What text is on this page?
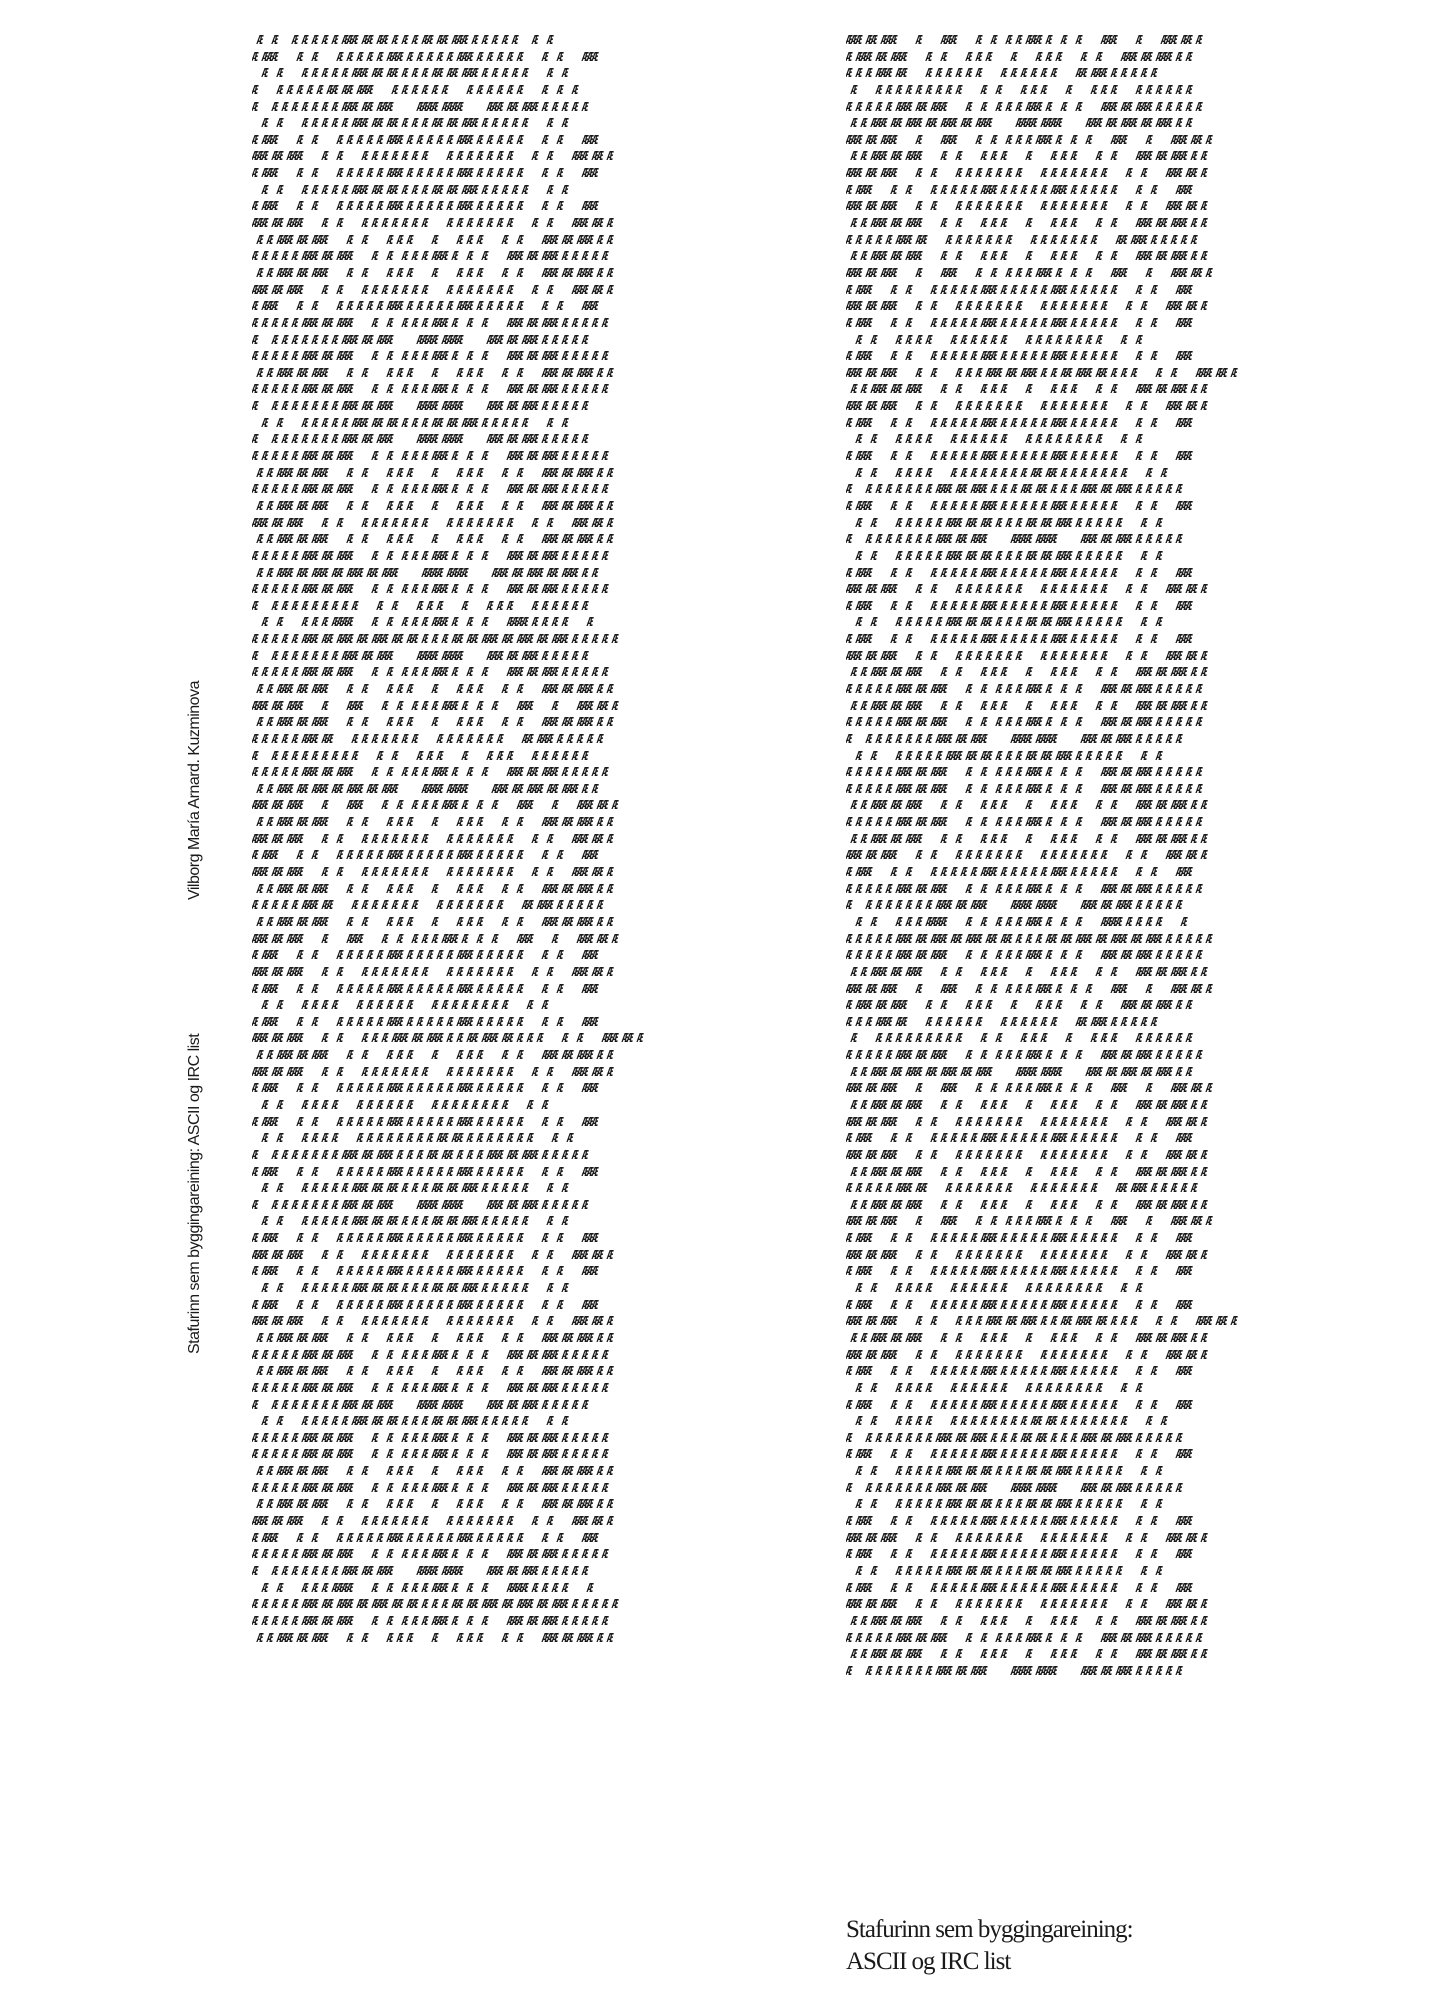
Vilborg María Arnard. Kuzminova
Stafurinn sem byggingareining: ASCII og IRC list
Æ  Æ   Æ Æ Æ Æ Æ ÆÆÆ ÆÆ ÆÆ Æ Æ Æ ÆÆ ÆÆ ÆÆÆ Æ Æ Æ Æ Æ   Æ  Æ
Æ ÆÆÆ    Æ  Æ    Æ Æ Æ Æ Æ ÆÆÆ Æ Æ Æ Æ Æ ÆÆÆ Æ Æ Æ Æ Æ    Æ  Æ    ÆÆÆ
Æ  Æ    Æ Æ Æ Æ Æ ÆÆÆ ÆÆ ÆÆ Æ Æ Æ ÆÆ ÆÆ ÆÆÆ Æ Æ Æ Æ Æ    Æ  Æ
Æ    Æ Æ Æ Æ Æ ÆÆ ÆÆ ÆÆÆ    Æ Æ Æ Æ Æ Æ    Æ Æ Æ Æ Æ Æ    Æ  Æ  Æ
Æ   Æ Æ Æ Æ Æ Æ Æ ÆÆÆ ÆÆ ÆÆÆ     ÆÆÆÆ ÆÆÆÆ     ÆÆÆ ÆÆ ÆÆÆ Æ Æ Æ Æ Æ
Æ  Æ    Æ Æ Æ Æ Æ ÆÆÆ ÆÆ ÆÆ Æ Æ Æ ÆÆ ÆÆ ÆÆÆ Æ Æ Æ Æ Æ    Æ  Æ
Æ ÆÆÆ    Æ  Æ    Æ Æ Æ Æ Æ ÆÆÆ Æ Æ Æ Æ Æ ÆÆÆ Æ Æ Æ Æ Æ    Æ  Æ    ÆÆÆ
ÆÆÆ ÆÆ ÆÆÆ    Æ  Æ    Æ Æ Æ Æ Æ Æ Æ    Æ Æ Æ Æ Æ Æ Æ    Æ  Æ    ÆÆÆ ÆÆ Æ
Æ ÆÆÆ    Æ  Æ    Æ Æ Æ Æ Æ ÆÆÆ Æ Æ Æ Æ Æ ÆÆÆ Æ Æ Æ Æ Æ    Æ  Æ    ÆÆÆ
Æ  Æ    Æ Æ Æ Æ Æ ÆÆÆ ÆÆ ÆÆ Æ Æ Æ ÆÆ ÆÆ ÆÆÆ Æ Æ Æ Æ Æ    Æ  Æ
Æ ÆÆÆ    Æ  Æ    Æ Æ Æ Æ Æ ÆÆÆ Æ Æ Æ Æ Æ ÆÆÆ Æ Æ Æ Æ Æ    Æ  Æ    ÆÆÆ
ÆÆÆ ÆÆ ÆÆÆ    Æ  Æ    Æ Æ Æ Æ Æ Æ Æ    Æ Æ Æ Æ Æ Æ Æ    Æ  Æ    ÆÆÆ ÆÆ Æ
Æ Æ ÆÆÆ ÆÆ ÆÆÆ    Æ  Æ    Æ Æ Æ    Æ    Æ Æ Æ    Æ  Æ    ÆÆÆ ÆÆ ÆÆÆ Æ Æ
Æ Æ Æ Æ Æ ÆÆÆ ÆÆ ÆÆÆ    Æ  Æ  Æ Æ Æ ÆÆÆ Æ  Æ  Æ    ÆÆÆ ÆÆ ÆÆÆ Æ Æ Æ Æ Æ
Æ Æ ÆÆÆ ÆÆ ÆÆÆ    Æ  Æ    Æ Æ Æ    Æ    Æ Æ Æ    Æ  Æ    ÆÆÆ ÆÆ ÆÆÆ Æ Æ
ÆÆÆ ÆÆ ÆÆÆ    Æ  Æ    Æ Æ Æ Æ Æ Æ Æ    Æ Æ Æ Æ Æ Æ Æ    Æ  Æ    ÆÆÆ ÆÆ Æ
Æ ÆÆÆ    Æ  Æ    Æ Æ Æ Æ Æ ÆÆÆ Æ Æ Æ Æ Æ ÆÆÆ Æ Æ Æ Æ Æ    Æ  Æ    ÆÆÆ
Æ Æ Æ Æ Æ ÆÆÆ ÆÆ ÆÆÆ    Æ  Æ  Æ Æ Æ ÆÆÆ Æ  Æ  Æ    ÆÆÆ ÆÆ ÆÆÆ Æ Æ Æ Æ Æ
Æ   Æ Æ Æ Æ Æ Æ Æ ÆÆÆ ÆÆ ÆÆÆ     ÆÆÆÆ ÆÆÆÆ     ÆÆÆ ÆÆ ÆÆÆ Æ Æ Æ Æ Æ
Æ Æ Æ Æ Æ ÆÆÆ ÆÆ ÆÆÆ    Æ  Æ  Æ Æ Æ ÆÆÆ Æ  Æ  Æ    ÆÆÆ ÆÆ ÆÆÆ Æ Æ Æ Æ Æ
Æ Æ ÆÆÆ ÆÆ ÆÆÆ    Æ  Æ    Æ Æ Æ    Æ    Æ Æ Æ    Æ  Æ    ÆÆÆ ÆÆ ÆÆÆ Æ Æ
Æ Æ Æ Æ Æ ÆÆÆ ÆÆ ÆÆÆ    Æ  Æ  Æ Æ Æ ÆÆÆ Æ  Æ  Æ    ÆÆÆ ÆÆ ÆÆÆ Æ Æ Æ Æ Æ
Æ   Æ Æ Æ Æ Æ Æ Æ ÆÆÆ ÆÆ ÆÆÆ     ÆÆÆÆ ÆÆÆÆ     ÆÆÆ ÆÆ ÆÆÆ Æ Æ Æ Æ Æ
Æ  Æ    Æ Æ Æ Æ Æ ÆÆÆ ÆÆ ÆÆ Æ Æ Æ ÆÆ ÆÆ ÆÆÆ Æ Æ Æ Æ Æ    Æ  Æ
Æ   Æ Æ Æ Æ Æ Æ Æ ÆÆÆ ÆÆ ÆÆÆ     ÆÆÆÆ ÆÆÆÆ     ÆÆÆ ÆÆ ÆÆÆ Æ Æ Æ Æ Æ
Æ Æ Æ Æ Æ ÆÆÆ ÆÆ ÆÆÆ    Æ  Æ  Æ Æ Æ ÆÆÆ Æ  Æ  Æ    ÆÆÆ ÆÆ ÆÆÆ Æ Æ Æ Æ Æ
Æ Æ ÆÆÆ ÆÆ ÆÆÆ    Æ  Æ    Æ Æ Æ    Æ    Æ Æ Æ    Æ  Æ    ÆÆÆ ÆÆ ÆÆÆ Æ Æ
Æ Æ Æ Æ Æ ÆÆÆ ÆÆ ÆÆÆ    Æ  Æ  Æ Æ Æ ÆÆÆ Æ  Æ  Æ    ÆÆÆ ÆÆ ÆÆÆ Æ Æ Æ Æ Æ
Æ Æ ÆÆÆ ÆÆ ÆÆÆ    Æ  Æ    Æ Æ Æ    Æ    Æ Æ Æ    Æ  Æ    ÆÆÆ ÆÆ ÆÆÆ Æ Æ
ÆÆÆ ÆÆ ÆÆÆ    Æ  Æ    Æ Æ Æ Æ Æ Æ Æ    Æ Æ Æ Æ Æ Æ Æ    Æ  Æ    ÆÆÆ ÆÆ Æ
Æ Æ ÆÆÆ ÆÆ ÆÆÆ    Æ  Æ    Æ Æ Æ    Æ    Æ Æ Æ    Æ  Æ    ÆÆÆ ÆÆ ÆÆÆ Æ Æ
Æ Æ Æ Æ Æ ÆÆÆ ÆÆ ÆÆÆ    Æ  Æ  Æ Æ Æ ÆÆÆ Æ  Æ  Æ    ÆÆÆ ÆÆ ÆÆÆ Æ Æ Æ Æ Æ
Æ Æ ÆÆÆ ÆÆ ÆÆÆ ÆÆ ÆÆÆ ÆÆ ÆÆÆ     ÆÆÆÆ ÆÆÆÆ     ÆÆÆ ÆÆ ÆÆÆ ÆÆ ÆÆÆ Æ Æ
Æ Æ Æ Æ Æ ÆÆÆ ÆÆ ÆÆÆ    Æ  Æ  Æ Æ Æ ÆÆÆ Æ  Æ  Æ    ÆÆÆ ÆÆ ÆÆÆ Æ Æ Æ Æ Æ
Æ   Æ Æ Æ Æ Æ Æ Æ Æ Æ    Æ  Æ    Æ Æ Æ    Æ    Æ Æ Æ    Æ Æ Æ Æ Æ Æ
Æ  Æ    Æ Æ Æ ÆÆÆÆ    Æ  Æ  Æ Æ Æ ÆÆÆ Æ  Æ  Æ    ÆÆÆÆ Æ Æ Æ Æ    Æ
Æ Æ Æ Æ Æ ÆÆÆ ÆÆ ÆÆÆ ÆÆ ÆÆÆ ÆÆ ÆÆ Æ Æ Æ ÆÆ ÆÆ ÆÆÆ ÆÆ ÆÆÆ ÆÆ ÆÆÆ Æ Æ Æ Æ Æ
Æ   Æ Æ Æ Æ Æ Æ Æ ÆÆÆ ÆÆ ÆÆÆ     ÆÆÆÆ ÆÆÆÆ     ÆÆÆ ÆÆ ÆÆÆ Æ Æ Æ Æ Æ
Æ Æ Æ Æ Æ ÆÆÆ ÆÆ ÆÆÆ    Æ  Æ  Æ Æ Æ ÆÆÆ Æ  Æ  Æ    ÆÆÆ ÆÆ ÆÆÆ Æ Æ Æ Æ Æ
Æ Æ ÆÆÆ ÆÆ ÆÆÆ    Æ  Æ    Æ Æ Æ    Æ    Æ Æ Æ    Æ  Æ    ÆÆÆ ÆÆ ÆÆÆ Æ Æ
ÆÆÆ ÆÆ ÆÆÆ    Æ    ÆÆÆ    Æ  Æ  Æ Æ Æ ÆÆÆ Æ  Æ  Æ    ÆÆÆ    Æ    ÆÆÆ ÆÆ Æ
Æ Æ ÆÆÆ ÆÆ ÆÆÆ    Æ  Æ    Æ Æ Æ    Æ    Æ Æ Æ    Æ  Æ    ÆÆÆ ÆÆ ÆÆÆ Æ Æ
Æ Æ Æ Æ Æ ÆÆÆ ÆÆ    Æ Æ Æ Æ Æ Æ Æ    Æ Æ Æ Æ Æ Æ Æ    ÆÆ ÆÆÆ Æ Æ Æ Æ Æ
Æ   Æ Æ Æ Æ Æ Æ Æ Æ Æ    Æ  Æ    Æ Æ Æ    Æ    Æ Æ Æ    Æ Æ Æ Æ Æ Æ
Æ Æ Æ Æ Æ ÆÆÆ ÆÆ ÆÆÆ    Æ  Æ  Æ Æ Æ ÆÆÆ Æ  Æ  Æ    ÆÆÆ ÆÆ ÆÆÆ Æ Æ Æ Æ Æ
Æ Æ ÆÆÆ ÆÆ ÆÆÆ ÆÆ ÆÆÆ ÆÆ ÆÆÆ     ÆÆÆÆ ÆÆÆÆ     ÆÆÆ ÆÆ ÆÆÆ ÆÆ ÆÆÆ Æ Æ
ÆÆÆ ÆÆ ÆÆÆ    Æ    ÆÆÆ    Æ  Æ  Æ Æ Æ ÆÆÆ Æ  Æ  Æ    ÆÆÆ    Æ    ÆÆÆ ÆÆ Æ
Æ Æ ÆÆÆ ÆÆ ÆÆÆ    Æ  Æ    Æ Æ Æ    Æ    Æ Æ Æ    Æ  Æ    ÆÆÆ ÆÆ ÆÆÆ Æ Æ
ÆÆÆ ÆÆ ÆÆÆ    Æ  Æ    Æ Æ Æ Æ Æ Æ Æ    Æ Æ Æ Æ Æ Æ Æ    Æ  Æ    ÆÆÆ ÆÆ Æ
Æ ÆÆÆ    Æ  Æ    Æ Æ Æ Æ Æ ÆÆÆ Æ Æ Æ Æ Æ ÆÆÆ Æ Æ Æ Æ Æ    Æ  Æ    ÆÆÆ
ÆÆÆ ÆÆ ÆÆÆ    Æ  Æ    Æ Æ Æ Æ Æ Æ Æ    Æ Æ Æ Æ Æ Æ Æ    Æ  Æ    ÆÆÆ ÆÆ Æ
Æ Æ ÆÆÆ ÆÆ ÆÆÆ    Æ  Æ    Æ Æ Æ    Æ    Æ Æ Æ    Æ  Æ    ÆÆÆ ÆÆ ÆÆÆ Æ Æ
Æ Æ Æ Æ Æ ÆÆÆ ÆÆ    Æ Æ Æ Æ Æ Æ Æ    Æ Æ Æ Æ Æ Æ Æ    ÆÆ ÆÆÆ Æ Æ Æ Æ Æ
Æ Æ ÆÆÆ ÆÆ ÆÆÆ    Æ  Æ    Æ Æ Æ    Æ    Æ Æ Æ    Æ  Æ    ÆÆÆ ÆÆ ÆÆÆ Æ Æ
ÆÆÆ ÆÆ ÆÆÆ    Æ    ÆÆÆ    Æ  Æ  Æ Æ Æ ÆÆÆ Æ  Æ  Æ    ÆÆÆ    Æ    ÆÆÆ ÆÆ Æ
Æ ÆÆÆ    Æ  Æ    Æ Æ Æ Æ Æ ÆÆÆ Æ Æ Æ Æ Æ ÆÆÆ Æ Æ Æ Æ Æ    Æ  Æ    ÆÆÆ
ÆÆÆ ÆÆ ÆÆÆ    Æ  Æ    Æ Æ Æ Æ Æ Æ Æ    Æ Æ Æ Æ Æ Æ Æ    Æ  Æ    ÆÆÆ ÆÆ Æ
Æ ÆÆÆ    Æ  Æ    Æ Æ Æ Æ Æ ÆÆÆ Æ Æ Æ Æ Æ ÆÆÆ Æ Æ Æ Æ Æ    Æ  Æ    ÆÆÆ
Æ  Æ    Æ Æ Æ Æ    Æ Æ Æ Æ Æ Æ    Æ Æ Æ Æ Æ Æ Æ Æ    Æ  Æ
Æ ÆÆÆ    Æ  Æ    Æ Æ Æ Æ Æ ÆÆÆ Æ Æ Æ Æ Æ ÆÆÆ Æ Æ Æ Æ Æ    Æ  Æ    ÆÆÆ
ÆÆÆ ÆÆ ÆÆÆ    Æ  Æ    Æ Æ Æ ÆÆÆ ÆÆ ÆÆÆ Æ Æ ÆÆ ÆÆÆ ÆÆ Æ Æ Æ    Æ  Æ    ÆÆÆ ÆÆ Æ
Æ Æ ÆÆÆ ÆÆ ÆÆÆ    Æ  Æ    Æ Æ Æ    Æ    Æ Æ Æ    Æ  Æ    ÆÆÆ ÆÆ ÆÆÆ Æ Æ
ÆÆÆ ÆÆ ÆÆÆ    Æ  Æ    Æ Æ Æ Æ Æ Æ Æ    Æ Æ Æ Æ Æ Æ Æ    Æ  Æ    ÆÆÆ ÆÆ Æ
Æ ÆÆÆ    Æ  Æ    Æ Æ Æ Æ Æ ÆÆÆ Æ Æ Æ Æ Æ ÆÆÆ Æ Æ Æ Æ Æ    Æ  Æ    ÆÆÆ
Æ  Æ    Æ Æ Æ Æ    Æ Æ Æ Æ Æ Æ    Æ Æ Æ Æ Æ Æ Æ Æ    Æ  Æ
Æ ÆÆÆ    Æ  Æ    Æ Æ Æ Æ Æ ÆÆÆ Æ Æ Æ Æ Æ ÆÆÆ Æ Æ Æ Æ Æ    Æ  Æ    ÆÆÆ
Æ  Æ    Æ Æ Æ Æ    Æ Æ Æ Æ Æ Æ Æ Æ ÆÆ ÆÆ Æ Æ Æ Æ Æ Æ Æ    Æ  Æ
Æ   Æ Æ Æ Æ Æ Æ Æ ÆÆÆ ÆÆ ÆÆÆ Æ Æ Æ ÆÆ ÆÆ Æ Æ Æ ÆÆÆ ÆÆ ÆÆÆ Æ Æ Æ Æ Æ
Æ ÆÆÆ    Æ  Æ    Æ Æ Æ Æ Æ ÆÆÆ Æ Æ Æ Æ Æ ÆÆÆ Æ Æ Æ Æ Æ    Æ  Æ    ÆÆÆ
Æ  Æ    Æ Æ Æ Æ Æ ÆÆÆ ÆÆ ÆÆ Æ Æ Æ ÆÆ ÆÆ ÆÆÆ Æ Æ Æ Æ Æ    Æ  Æ
Æ   Æ Æ Æ Æ Æ Æ Æ ÆÆÆ ÆÆ ÆÆÆ     ÆÆÆÆ ÆÆÆÆ     ÆÆÆ ÆÆ ÆÆÆ Æ Æ Æ Æ Æ
Æ  Æ    Æ Æ Æ Æ Æ ÆÆÆ ÆÆ ÆÆ Æ Æ Æ ÆÆ ÆÆ ÆÆÆ Æ Æ Æ Æ Æ    Æ  Æ
Æ ÆÆÆ    Æ  Æ    Æ Æ Æ Æ Æ ÆÆÆ Æ Æ Æ Æ Æ ÆÆÆ Æ Æ Æ Æ Æ    Æ  Æ    ÆÆÆ
ÆÆÆ ÆÆ ÆÆÆ    Æ  Æ    Æ Æ Æ Æ Æ Æ Æ    Æ Æ Æ Æ Æ Æ Æ    Æ  Æ    ÆÆÆ ÆÆ Æ
Æ ÆÆÆ    Æ  Æ    Æ Æ Æ Æ Æ ÆÆÆ Æ Æ Æ Æ Æ ÆÆÆ Æ Æ Æ Æ Æ    Æ  Æ    ÆÆÆ
Æ  Æ    Æ Æ Æ Æ Æ ÆÆÆ ÆÆ ÆÆ Æ Æ Æ ÆÆ ÆÆ ÆÆÆ Æ Æ Æ Æ Æ    Æ  Æ
Æ ÆÆÆ    Æ  Æ    Æ Æ Æ Æ Æ ÆÆÆ Æ Æ Æ Æ Æ ÆÆÆ Æ Æ Æ Æ Æ    Æ  Æ    ÆÆÆ
ÆÆÆ ÆÆ ÆÆÆ    Æ  Æ    Æ Æ Æ Æ Æ Æ Æ    Æ Æ Æ Æ Æ Æ Æ    Æ  Æ    ÆÆÆ ÆÆ Æ
Æ Æ ÆÆÆ ÆÆ ÆÆÆ    Æ  Æ    Æ Æ Æ    Æ    Æ Æ Æ    Æ  Æ    ÆÆÆ ÆÆ ÆÆÆ Æ Æ
Æ Æ Æ Æ Æ ÆÆÆ ÆÆ ÆÆÆ    Æ  Æ  Æ Æ Æ ÆÆÆ Æ  Æ  Æ    ÆÆÆ ÆÆ ÆÆÆ Æ Æ Æ Æ Æ
Æ Æ ÆÆÆ ÆÆ ÆÆÆ    Æ  Æ    Æ Æ Æ    Æ    Æ Æ Æ    Æ  Æ    ÆÆÆ ÆÆ ÆÆÆ Æ Æ
Æ Æ Æ Æ Æ ÆÆÆ ÆÆ ÆÆÆ    Æ  Æ  Æ Æ Æ ÆÆÆ Æ  Æ  Æ    ÆÆÆ ÆÆ ÆÆÆ Æ Æ Æ Æ Æ
Æ   Æ Æ Æ Æ Æ Æ Æ ÆÆÆ ÆÆ ÆÆÆ     ÆÆÆÆ ÆÆÆÆ     ÆÆÆ ÆÆ ÆÆÆ Æ Æ Æ Æ Æ
Æ  Æ    Æ Æ Æ Æ Æ ÆÆÆ ÆÆ ÆÆ Æ Æ Æ ÆÆ ÆÆ ÆÆÆ Æ Æ Æ Æ Æ    Æ  Æ
Æ Æ Æ Æ Æ ÆÆÆ ÆÆ ÆÆÆ    Æ  Æ  Æ Æ Æ ÆÆÆ Æ  Æ  Æ    ÆÆÆ ÆÆ ÆÆÆ Æ Æ Æ Æ Æ
Æ Æ Æ Æ Æ ÆÆÆ ÆÆ ÆÆÆ    Æ  Æ  Æ Æ Æ ÆÆÆ Æ  Æ  Æ    ÆÆÆ ÆÆ ÆÆÆ Æ Æ Æ Æ Æ
Æ Æ ÆÆÆ ÆÆ ÆÆÆ    Æ  Æ    Æ Æ Æ    Æ    Æ Æ Æ    Æ  Æ    ÆÆÆ ÆÆ ÆÆÆ Æ Æ
Æ Æ Æ Æ Æ ÆÆÆ ÆÆ ÆÆÆ    Æ  Æ  Æ Æ Æ ÆÆÆ Æ  Æ  Æ    ÆÆÆ ÆÆ ÆÆÆ Æ Æ Æ Æ Æ
Æ Æ ÆÆÆ ÆÆ ÆÆÆ    Æ  Æ    Æ Æ Æ    Æ    Æ Æ Æ    Æ  Æ    ÆÆÆ ÆÆ ÆÆÆ Æ Æ
ÆÆÆ ÆÆ ÆÆÆ    Æ  Æ    Æ Æ Æ Æ Æ Æ Æ    Æ Æ Æ Æ Æ Æ Æ    Æ  Æ    ÆÆÆ ÆÆ Æ
Æ ÆÆÆ    Æ  Æ    Æ Æ Æ Æ Æ ÆÆÆ Æ Æ Æ Æ Æ ÆÆÆ Æ Æ Æ Æ Æ    Æ  Æ    ÆÆÆ
Æ Æ Æ Æ Æ ÆÆÆ ÆÆ ÆÆÆ    Æ  Æ  Æ Æ Æ ÆÆÆ Æ  Æ  Æ    ÆÆÆ ÆÆ ÆÆÆ Æ Æ Æ Æ Æ
Æ   Æ Æ Æ Æ Æ Æ Æ ÆÆÆ ÆÆ ÆÆÆ     ÆÆÆÆ ÆÆÆÆ     ÆÆÆ ÆÆ ÆÆÆ Æ Æ Æ Æ Æ
Æ  Æ    Æ Æ Æ ÆÆÆÆ    Æ  Æ  Æ Æ Æ ÆÆÆ Æ  Æ  Æ    ÆÆÆÆ Æ Æ Æ Æ    Æ
Æ Æ Æ Æ Æ ÆÆÆ ÆÆ ÆÆÆ ÆÆ ÆÆÆ ÆÆ ÆÆ Æ Æ Æ ÆÆ ÆÆ ÆÆÆ ÆÆ ÆÆÆ ÆÆ ÆÆÆ Æ Æ Æ Æ Æ
Æ Æ Æ Æ Æ ÆÆÆ ÆÆ ÆÆÆ    Æ  Æ  Æ Æ Æ ÆÆÆ Æ  Æ  Æ    ÆÆÆ ÆÆ ÆÆÆ Æ Æ Æ Æ Æ
Æ Æ ÆÆÆ ÆÆ ÆÆÆ    Æ  Æ    Æ Æ Æ    Æ    Æ Æ Æ    Æ  Æ    ÆÆÆ ÆÆ ÆÆÆ Æ Æ
ÆÆÆ ÆÆ ÆÆÆ    Æ    ÆÆÆ    Æ  Æ  Æ Æ ÆÆÆ Æ  Æ  Æ    ÆÆÆ    Æ    ÆÆÆ ÆÆ Æ
Æ ÆÆÆ ÆÆ ÆÆÆ    Æ  Æ    Æ Æ Æ    Æ    Æ Æ Æ    Æ  Æ    ÆÆÆ ÆÆ ÆÆÆ Æ Æ
Æ Æ Æ ÆÆÆ ÆÆ    Æ Æ Æ Æ Æ Æ    Æ Æ Æ Æ Æ Æ    ÆÆ ÆÆÆ Æ Æ Æ Æ Æ
Æ    Æ Æ Æ Æ Æ Æ Æ Æ Æ    Æ  Æ    Æ Æ Æ    Æ    Æ Æ Æ    Æ Æ Æ Æ Æ Æ
Æ Æ Æ Æ Æ ÆÆÆ ÆÆ ÆÆÆ    Æ  Æ  Æ Æ Æ ÆÆÆ Æ  Æ  Æ    ÆÆÆ ÆÆ ÆÆÆ Æ Æ Æ Æ Æ
Æ Æ ÆÆÆ ÆÆ ÆÆÆ ÆÆ ÆÆÆ ÆÆ ÆÆÆ     ÆÆÆÆ ÆÆÆÆ     ÆÆÆ ÆÆ ÆÆÆ ÆÆ ÆÆÆ Æ Æ
ÆÆÆ ÆÆ ÆÆÆ    Æ    ÆÆÆ    Æ  Æ  Æ Æ Æ ÆÆÆ Æ  Æ  Æ    ÆÆÆ    Æ    ÆÆÆ ÆÆ Æ
Æ Æ ÆÆÆ ÆÆ ÆÆÆ    Æ  Æ    Æ Æ Æ    Æ    Æ Æ Æ    Æ  Æ    ÆÆÆ ÆÆ ÆÆÆ Æ Æ
ÆÆÆ ÆÆ ÆÆÆ    Æ  Æ    Æ Æ Æ Æ Æ Æ Æ    Æ Æ Æ Æ Æ Æ Æ    Æ  Æ    ÆÆÆ ÆÆ Æ
Æ ÆÆÆ    Æ  Æ    Æ Æ Æ Æ Æ ÆÆÆ Æ Æ Æ Æ Æ ÆÆÆ Æ Æ Æ Æ Æ    Æ  Æ    ÆÆÆ
ÆÆÆ ÆÆ ÆÆÆ    Æ  Æ    Æ Æ Æ Æ Æ Æ Æ    Æ Æ Æ Æ Æ Æ Æ    Æ  Æ    ÆÆÆ ÆÆ Æ
Æ Æ ÆÆÆ ÆÆ ÆÆÆ    Æ  Æ    Æ Æ Æ    Æ    Æ Æ Æ    Æ  Æ    ÆÆÆ ÆÆ ÆÆÆ Æ Æ
Æ Æ Æ Æ Æ ÆÆÆ ÆÆ    Æ Æ Æ Æ Æ Æ Æ    Æ Æ Æ Æ Æ Æ Æ    ÆÆ ÆÆÆ Æ Æ Æ Æ Æ
Æ Æ ÆÆÆ ÆÆ ÆÆÆ    Æ  Æ    Æ Æ Æ    Æ    Æ Æ Æ    Æ  Æ    ÆÆÆ ÆÆ ÆÆÆ Æ Æ
ÆÆÆ ÆÆ ÆÆÆ    Æ    ÆÆÆ    Æ  Æ  Æ Æ Æ ÆÆÆ Æ  Æ  Æ    ÆÆÆ    Æ    ÆÆÆ ÆÆ Æ
Æ ÆÆÆ    Æ  Æ    Æ Æ Æ Æ Æ ÆÆÆ Æ Æ Æ Æ Æ ÆÆÆ Æ Æ Æ Æ Æ    Æ  Æ    ÆÆÆ
ÆÆÆ ÆÆ ÆÆÆ    Æ  Æ    Æ Æ Æ Æ Æ Æ Æ    Æ Æ Æ Æ Æ Æ Æ    Æ  Æ    ÆÆÆ ÆÆ Æ
Æ ÆÆÆ    Æ  Æ    Æ Æ Æ Æ Æ ÆÆÆ Æ Æ Æ Æ Æ ÆÆÆ Æ Æ Æ Æ Æ    Æ  Æ    ÆÆÆ
Æ  Æ    Æ Æ Æ Æ    Æ Æ Æ Æ Æ Æ    Æ Æ Æ Æ Æ Æ Æ Æ    Æ  Æ
Æ ÆÆÆ    Æ  Æ    Æ Æ Æ Æ Æ ÆÆÆ Æ Æ Æ Æ Æ ÆÆÆ Æ Æ Æ Æ Æ    Æ  Æ    ÆÆÆ
ÆÆÆ ÆÆ ÆÆÆ    Æ  Æ    Æ Æ Æ ÆÆÆ ÆÆ ÆÆÆ Æ Æ ÆÆ ÆÆÆ ÆÆ Æ Æ Æ    Æ  Æ    ÆÆÆ ÆÆ Æ
Æ Æ ÆÆÆ ÆÆ ÆÆÆ    Æ  Æ    Æ Æ Æ    Æ    Æ Æ Æ    Æ  Æ    ÆÆÆ ÆÆ ÆÆÆ Æ Æ
ÆÆÆ ÆÆ ÆÆÆ    Æ  Æ    Æ Æ Æ Æ Æ Æ Æ    Æ Æ Æ Æ Æ Æ Æ    Æ  Æ    ÆÆÆ ÆÆ Æ
Æ ÆÆÆ    Æ  Æ    Æ Æ Æ Æ Æ ÆÆÆ Æ Æ Æ Æ Æ ÆÆÆ Æ Æ Æ Æ Æ    Æ  Æ    ÆÆÆ
Æ  Æ    Æ Æ Æ Æ    Æ Æ Æ Æ Æ Æ    Æ Æ Æ Æ Æ Æ Æ Æ    Æ  Æ
Æ ÆÆÆ    Æ  Æ    Æ Æ Æ Æ Æ ÆÆÆ Æ Æ Æ Æ Æ ÆÆÆ Æ Æ Æ Æ Æ    Æ  Æ    ÆÆÆ
Æ  Æ    Æ Æ Æ Æ    Æ Æ Æ Æ Æ Æ Æ Æ ÆÆ ÆÆ Æ Æ Æ Æ Æ Æ Æ    Æ  Æ
Æ   Æ Æ Æ Æ Æ Æ Æ ÆÆÆ ÆÆ ÆÆÆ Æ Æ Æ ÆÆ ÆÆ Æ Æ Æ ÆÆÆ ÆÆ ÆÆÆ Æ Æ Æ Æ Æ
Æ ÆÆÆ    Æ  Æ    Æ Æ Æ Æ Æ ÆÆÆ Æ Æ Æ Æ Æ ÆÆÆ Æ Æ Æ Æ Æ    Æ  Æ    ÆÆÆ
Æ  Æ    Æ Æ Æ Æ Æ ÆÆÆ ÆÆ ÆÆ Æ Æ Æ ÆÆ ÆÆ ÆÆÆ Æ Æ Æ Æ Æ    Æ  Æ
Æ   Æ Æ Æ Æ Æ Æ Æ ÆÆÆ ÆÆ ÆÆÆ     ÆÆÆÆ ÆÆÆÆ     ÆÆÆ ÆÆ ÆÆÆ Æ Æ Æ Æ Æ
Æ  Æ    Æ Æ Æ Æ Æ ÆÆÆ ÆÆ ÆÆ Æ Æ Æ ÆÆ ÆÆ ÆÆÆ Æ Æ Æ Æ Æ    Æ  Æ
Æ ÆÆÆ    Æ  Æ    Æ Æ Æ Æ Æ ÆÆÆ Æ Æ Æ Æ Æ ÆÆÆ Æ Æ Æ Æ Æ    Æ  Æ    ÆÆÆ
ÆÆÆ ÆÆ ÆÆÆ    Æ  Æ    Æ Æ Æ Æ Æ Æ Æ    Æ Æ Æ Æ Æ Æ Æ    Æ  Æ    ÆÆÆ ÆÆ Æ
Æ ÆÆÆ    Æ  Æ    Æ Æ Æ Æ Æ ÆÆÆ Æ Æ Æ Æ Æ ÆÆÆ Æ Æ Æ Æ Æ    Æ  Æ    ÆÆÆ
Æ  Æ    Æ Æ Æ Æ Æ ÆÆÆ ÆÆ ÆÆ Æ Æ Æ ÆÆ ÆÆ ÆÆÆ Æ Æ Æ Æ Æ    Æ  Æ
Æ ÆÆÆ    Æ  Æ    Æ Æ Æ Æ Æ ÆÆÆ Æ Æ Æ Æ Æ ÆÆÆ Æ Æ Æ Æ Æ    Æ  Æ    ÆÆÆ
ÆÆÆ ÆÆ ÆÆÆ    Æ  Æ    Æ Æ Æ Æ Æ Æ Æ    Æ Æ Æ Æ Æ Æ Æ    Æ  Æ    ÆÆÆ ÆÆ Æ
Æ Æ ÆÆÆ ÆÆ ÆÆÆ    Æ  Æ    Æ Æ Æ    Æ    Æ Æ Æ    Æ  Æ    ÆÆÆ ÆÆ ÆÆÆ Æ Æ
Æ Æ Æ Æ Æ ÆÆÆ ÆÆ ÆÆÆ    Æ  Æ  Æ Æ Æ ÆÆÆ Æ  Æ  Æ    ÆÆÆ ÆÆ ÆÆÆ Æ Æ Æ Æ Æ
Æ Æ ÆÆÆ ÆÆ ÆÆÆ    Æ  Æ    Æ Æ Æ    Æ    Æ Æ Æ    Æ  Æ    ÆÆÆ ÆÆ ÆÆÆ Æ Æ
Æ Æ Æ Æ Æ ÆÆÆ ÆÆ ÆÆÆ    Æ  Æ  Æ Æ Æ ÆÆÆ Æ  Æ  Æ    ÆÆÆ ÆÆ ÆÆÆ Æ Æ Æ Æ Æ
Æ   Æ Æ Æ Æ Æ Æ Æ ÆÆÆ ÆÆ ÆÆÆ     ÆÆÆÆ ÆÆÆÆ     ÆÆÆ ÆÆ ÆÆÆ Æ Æ Æ Æ Æ
Æ  Æ    Æ Æ Æ Æ Æ ÆÆÆ ÆÆ ÆÆ Æ Æ Æ ÆÆ ÆÆ ÆÆÆ Æ Æ Æ Æ Æ    Æ  Æ
Æ Æ Æ Æ Æ ÆÆÆ ÆÆ ÆÆÆ    Æ  Æ  Æ Æ Æ ÆÆÆ Æ  Æ  Æ    ÆÆÆ ÆÆ ÆÆÆ Æ Æ Æ Æ Æ
Æ Æ Æ Æ Æ ÆÆÆ ÆÆ ÆÆÆ    Æ  Æ  Æ Æ Æ ÆÆÆ Æ  Æ  Æ    ÆÆÆ ÆÆ ÆÆÆ Æ Æ Æ Æ Æ
Æ Æ ÆÆÆ ÆÆ ÆÆÆ    Æ  Æ    Æ Æ Æ    Æ    Æ Æ Æ    Æ  Æ    ÆÆÆ ÆÆ ÆÆÆ Æ Æ
Æ Æ Æ Æ Æ ÆÆÆ ÆÆ ÆÆÆ    Æ  Æ  Æ Æ Æ ÆÆÆ Æ  Æ  Æ    ÆÆÆ ÆÆ ÆÆÆ Æ Æ Æ Æ Æ
Æ Æ ÆÆÆ ÆÆ ÆÆÆ    Æ  Æ    Æ Æ Æ    Æ    Æ Æ Æ    Æ  Æ    ÆÆÆ ÆÆ ÆÆÆ Æ Æ
ÆÆÆ ÆÆ ÆÆÆ    Æ  Æ    Æ Æ Æ Æ Æ Æ Æ    Æ Æ Æ Æ Æ Æ Æ    Æ  Æ    ÆÆÆ ÆÆ Æ
Æ ÆÆÆ    Æ  Æ    Æ Æ Æ Æ Æ ÆÆÆ Æ Æ Æ Æ Æ ÆÆÆ Æ Æ Æ Æ Æ    Æ  Æ    ÆÆÆ
Æ Æ Æ Æ Æ ÆÆÆ ÆÆ ÆÆÆ    Æ  Æ  Æ Æ Æ ÆÆÆ Æ  Æ  Æ    ÆÆÆ ÆÆ ÆÆÆ Æ Æ Æ Æ Æ
Æ   Æ Æ Æ Æ Æ Æ Æ ÆÆÆ ÆÆ ÆÆÆ     ÆÆÆÆ ÆÆÆÆ     ÆÆÆ ÆÆ ÆÆÆ Æ Æ Æ Æ Æ
Æ  Æ    Æ Æ Æ ÆÆÆÆ    Æ  Æ  Æ Æ Æ ÆÆÆ Æ  Æ  Æ    ÆÆÆÆ Æ Æ Æ Æ    Æ
Æ Æ Æ Æ Æ ÆÆÆ ÆÆ ÆÆÆ ÆÆ ÆÆÆ ÆÆ ÆÆ Æ Æ Æ ÆÆ ÆÆ ÆÆÆ ÆÆ ÆÆÆ ÆÆ ÆÆÆ Æ Æ Æ Æ Æ
Æ Æ Æ Æ Æ ÆÆÆ ÆÆ ÆÆÆ    Æ  Æ  Æ Æ Æ ÆÆÆ Æ  Æ  Æ    ÆÆÆ ÆÆ ÆÆÆ Æ Æ Æ Æ Æ
Æ Æ ÆÆÆ ÆÆ ÆÆÆ    Æ  Æ    Æ Æ Æ    Æ    Æ Æ Æ    Æ  Æ    ÆÆÆ ÆÆ ÆÆÆ Æ Æ
ÆÆÆ ÆÆ ÆÆÆ    Æ    ÆÆÆ    Æ  Æ  Æ Æ Æ ÆÆÆ Æ  Æ  Æ    ÆÆÆ    Æ    ÆÆÆ ÆÆ Æ
Æ ÆÆÆ ÆÆ ÆÆÆ    Æ  Æ    Æ Æ Æ    Æ    Æ Æ Æ    Æ  Æ    ÆÆÆ ÆÆ ÆÆÆ Æ Æ
Æ Æ Æ ÆÆÆ ÆÆ    Æ Æ Æ Æ Æ Æ    Æ Æ Æ Æ Æ Æ    ÆÆ ÆÆÆ Æ Æ Æ Æ Æ
Æ    Æ Æ Æ Æ Æ Æ Æ Æ Æ    Æ  Æ    Æ Æ Æ    Æ    Æ Æ Æ    Æ Æ Æ Æ Æ Æ
Æ Æ Æ Æ Æ ÆÆÆ ÆÆ ÆÆÆ    Æ  Æ  Æ Æ Æ ÆÆÆ Æ  Æ  Æ    ÆÆÆ ÆÆ ÆÆÆ Æ Æ Æ Æ Æ
Æ Æ ÆÆÆ ÆÆ ÆÆÆ ÆÆ ÆÆÆ ÆÆ ÆÆÆ     ÆÆÆÆ ÆÆÆÆ     ÆÆÆ ÆÆ ÆÆÆ ÆÆ ÆÆÆ Æ Æ
ÆÆÆ ÆÆ ÆÆÆ    Æ    ÆÆÆ    Æ  Æ  Æ Æ Æ ÆÆÆ Æ  Æ  Æ    ÆÆÆ    Æ    ÆÆÆ ÆÆ Æ
Æ Æ ÆÆÆ ÆÆ ÆÆÆ    Æ  Æ    Æ Æ Æ    Æ    Æ Æ Æ    Æ  Æ    ÆÆÆ ÆÆ ÆÆÆ Æ Æ
ÆÆÆ ÆÆ ÆÆÆ    Æ  Æ    Æ Æ Æ Æ Æ Æ Æ    Æ Æ Æ Æ Æ Æ Æ    Æ  Æ    ÆÆÆ ÆÆ Æ
Æ ÆÆÆ    Æ  Æ    Æ Æ Æ Æ Æ ÆÆÆ Æ Æ Æ Æ Æ ÆÆÆ Æ Æ Æ Æ Æ    Æ  Æ    ÆÆÆ
ÆÆÆ ÆÆ ÆÆÆ    Æ  Æ    Æ Æ Æ Æ Æ Æ Æ    Æ Æ Æ Æ Æ Æ Æ    Æ  Æ    ÆÆÆ ÆÆ Æ
Æ Æ ÆÆÆ ÆÆ ÆÆÆ    Æ  Æ    Æ Æ Æ    Æ    Æ Æ Æ    Æ  Æ    ÆÆÆ ÆÆ ÆÆÆ Æ Æ
Æ Æ Æ Æ Æ ÆÆÆ ÆÆ    Æ Æ Æ Æ Æ Æ Æ    Æ Æ Æ Æ Æ Æ Æ    ÆÆ ÆÆÆ Æ Æ Æ Æ Æ
Æ Æ ÆÆÆ ÆÆ ÆÆÆ    Æ  Æ    Æ Æ Æ    Æ    Æ Æ Æ    Æ  Æ    ÆÆÆ ÆÆ ÆÆÆ Æ Æ
ÆÆÆ ÆÆ ÆÆÆ    Æ    ÆÆÆ    Æ  Æ  Æ Æ Æ ÆÆÆ Æ  Æ  Æ    ÆÆÆ    Æ    ÆÆÆ ÆÆ Æ
Æ ÆÆÆ    Æ  Æ    Æ Æ Æ Æ Æ ÆÆÆ Æ Æ Æ Æ Æ ÆÆÆ Æ Æ Æ Æ Æ    Æ  Æ    ÆÆÆ
ÆÆÆ ÆÆ ÆÆÆ    Æ  Æ    Æ Æ Æ Æ Æ Æ Æ    Æ Æ Æ Æ Æ Æ Æ    Æ  Æ    ÆÆÆ ÆÆ Æ
Æ ÆÆÆ    Æ  Æ    Æ Æ Æ Æ Æ ÆÆÆ Æ Æ Æ Æ Æ ÆÆÆ Æ Æ Æ Æ Æ    Æ  Æ    ÆÆÆ
Æ  Æ    Æ Æ Æ Æ    Æ Æ Æ Æ Æ Æ    Æ Æ Æ Æ Æ Æ Æ Æ    Æ  Æ
Æ ÆÆÆ    Æ  Æ    Æ Æ Æ Æ Æ ÆÆÆ Æ Æ Æ Æ Æ ÆÆÆ Æ Æ Æ Æ Æ    Æ  Æ    ÆÆÆ
ÆÆÆ ÆÆ ÆÆÆ    Æ  Æ    Æ Æ Æ ÆÆÆ ÆÆ ÆÆÆ Æ Æ ÆÆ ÆÆÆ ÆÆ Æ Æ Æ    Æ  Æ    ÆÆÆ ÆÆ Æ
Æ Æ ÆÆÆ ÆÆ ÆÆÆ    Æ  Æ    Æ Æ Æ    Æ    Æ Æ Æ    Æ  Æ    ÆÆÆ ÆÆ ÆÆÆ Æ Æ
ÆÆÆ ÆÆ ÆÆÆ    Æ  Æ    Æ Æ Æ Æ Æ Æ Æ    Æ Æ Æ Æ Æ Æ Æ    Æ  Æ    ÆÆÆ ÆÆ Æ
Æ ÆÆÆ    Æ  Æ    Æ Æ Æ Æ Æ ÆÆÆ Æ Æ Æ Æ Æ ÆÆÆ Æ Æ Æ Æ Æ    Æ  Æ    ÆÆÆ
Æ  Æ    Æ Æ Æ Æ    Æ Æ Æ Æ Æ Æ    Æ Æ Æ Æ Æ Æ Æ Æ    Æ  Æ
Æ ÆÆÆ    Æ  Æ    Æ Æ Æ Æ Æ ÆÆÆ Æ Æ Æ Æ Æ ÆÆÆ Æ Æ Æ Æ Æ    Æ  Æ    ÆÆÆ
Æ  Æ    Æ Æ Æ Æ    Æ Æ Æ Æ Æ Æ Æ Æ ÆÆ ÆÆ Æ Æ Æ Æ Æ Æ Æ    Æ  Æ
Æ   Æ Æ Æ Æ Æ Æ Æ ÆÆÆ ÆÆ ÆÆÆ Æ Æ Æ ÆÆ ÆÆ Æ Æ Æ ÆÆÆ ÆÆ ÆÆÆ Æ Æ Æ Æ Æ
Æ ÆÆÆ    Æ  Æ    Æ Æ Æ Æ Æ ÆÆÆ Æ Æ Æ Æ Æ ÆÆÆ Æ Æ Æ Æ Æ    Æ  Æ    ÆÆÆ
Æ  Æ    Æ Æ Æ Æ Æ ÆÆÆ ÆÆ ÆÆ Æ Æ Æ ÆÆ ÆÆ ÆÆÆ Æ Æ Æ Æ Æ    Æ  Æ
Æ   Æ Æ Æ Æ Æ Æ Æ ÆÆÆ ÆÆ ÆÆÆ     ÆÆÆÆ ÆÆÆÆ     ÆÆÆ ÆÆ ÆÆÆ Æ Æ Æ Æ Æ
Æ  Æ    Æ Æ Æ Æ Æ ÆÆÆ ÆÆ ÆÆ Æ Æ Æ ÆÆ ÆÆ ÆÆÆ Æ Æ Æ Æ Æ    Æ  Æ
Æ ÆÆÆ    Æ  Æ    Æ Æ Æ Æ Æ ÆÆÆ Æ Æ Æ Æ Æ ÆÆÆ Æ Æ Æ Æ Æ    Æ  Æ    ÆÆÆ
ÆÆÆ ÆÆ ÆÆÆ    Æ  Æ    Æ Æ Æ Æ Æ Æ Æ    Æ Æ Æ Æ Æ Æ Æ    Æ  Æ    ÆÆÆ ÆÆ Æ
Æ ÆÆÆ    Æ  Æ    Æ Æ Æ Æ Æ ÆÆÆ Æ Æ Æ Æ Æ ÆÆÆ Æ Æ Æ Æ Æ    Æ  Æ    ÆÆÆ
Æ  Æ    Æ Æ Æ Æ Æ ÆÆÆ ÆÆ ÆÆ Æ Æ Æ ÆÆ ÆÆ ÆÆÆ Æ Æ Æ Æ Æ    Æ  Æ
Æ ÆÆÆ    Æ  Æ    Æ Æ Æ Æ Æ ÆÆÆ Æ Æ Æ Æ Æ ÆÆÆ Æ Æ Æ Æ Æ    Æ  Æ    ÆÆÆ
ÆÆÆ ÆÆ ÆÆÆ    Æ  Æ    Æ Æ Æ Æ Æ Æ Æ    Æ Æ Æ Æ Æ Æ Æ    Æ  Æ    ÆÆÆ ÆÆ Æ
Æ Æ ÆÆÆ ÆÆ ÆÆÆ    Æ  Æ    Æ Æ Æ    Æ    Æ Æ Æ    Æ  Æ    ÆÆÆ ÆÆ ÆÆÆ Æ Æ
Æ Æ Æ Æ Æ ÆÆÆ ÆÆ ÆÆÆ    Æ  Æ  Æ Æ Æ ÆÆÆ Æ  Æ  Æ    ÆÆÆ ÆÆ ÆÆÆ Æ Æ Æ Æ Æ
Æ Æ ÆÆÆ ÆÆ ÆÆÆ    Æ  Æ    Æ Æ Æ    Æ    Æ Æ Æ    Æ  Æ    ÆÆÆ ÆÆ ÆÆÆ Æ Æ
Æ   Æ Æ Æ Æ Æ Æ Æ ÆÆÆ ÆÆ ÆÆÆ     ÆÆÆÆ ÆÆÆÆ     ÆÆÆ ÆÆ ÆÆÆ Æ Æ Æ Æ Æ
Stafurinn sem byggingareining:
ASCII og IRC list
